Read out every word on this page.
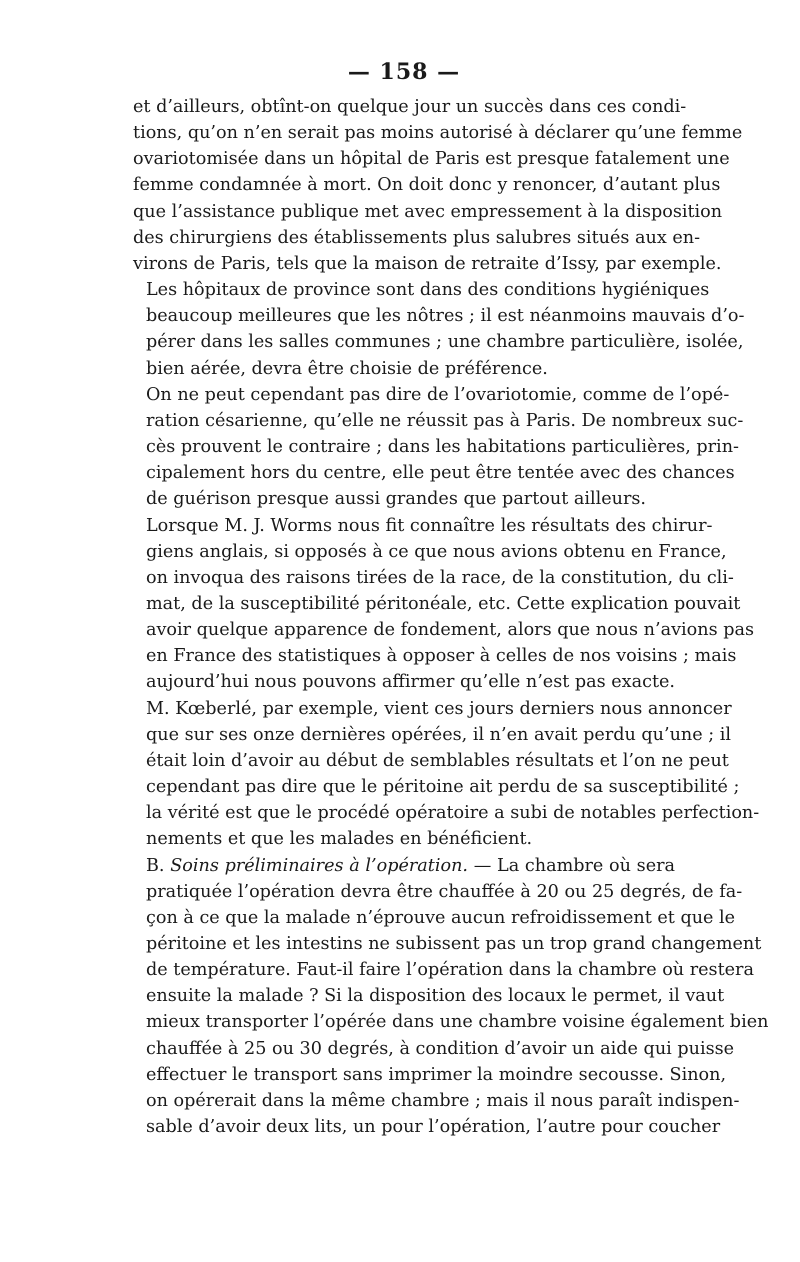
— 158 —

et d’ailleurs, obtînt-on quelque jour un succès dans ces condi-
tions, qu’on n’en serait pas moins autorisé à déclarer qu’une femme
ovariotomisée dans un hôpital de Paris est presque fatalement une
femme condamnée à mort. On doit donc y renoncer, d’autant plus
que l’assistance publique met avec empressement à la disposition
des chirurgiens des établissements plus salubres situés aux en-
virons de Paris, tels que la maison de retraite d’Issy, par exemple.

Les hôpitaux de province sont dans des conditions hygiéniques
beaucoup meilleures que les nôtres ; il est néanmoins mauvais d’o-
pérer dans les salles communes ; une chambre particulière, isolée,
bien aérée, devra être choisie de préférence.

On ne peut cependant pas dire de l’ovariotomie, comme de l’opé-
ration césarienne, qu’elle ne réussit pas à Paris. De nombreux suc-
cès prouvent le contraire ; dans les habitations particulières, prin-
cipalement hors du centre, elle peut être tentée avec des chances
de guérison presque aussi grandes que partout ailleurs.

Lorsque M. J. Worms nous fit connaître les résultats des chirur-
giens anglais, si opposés à ce que nous avions obtenu en France,
on invoqua des raisons tirées de la race, de la constitution, du cli-
mat, de la susceptibilité péritonéale, etc. Cette explication pouvait
avoir quelque apparence de fondement, alors que nous n’avions pas
en France des statistiques à opposer à celles de nos voisins ; mais
aujourd’hui nous pouvons affirmer qu’elle n’est pas exacte.
M. Kœberlé, par exemple, vient ces jours derniers nous annoncer
que sur ses onze dernières opérées, il n’en avait perdu qu’une ; il
était loin d’avoir au début de semblables résultats et l’on ne peut
cependant pas dire que le péritoine ait perdu de sa susceptibilité ;
la vérité est que le procédé opératoire a subi de notables perfection-
nements et que les malades en bénéficient.

B. Soins préliminaires à l’opération. — La chambre où sera
pratiquée l’opération devra être chauffée à 20 ou 25 degrés, de fa-
çon à ce que la malade n’éprouve aucun refroidissement et que le
péritoine et les intestins ne subissent pas un trop grand changement
de température. Faut-il faire l’opération dans la chambre où restera
ensuite la malade ? Si la disposition des locaux le permet, il vaut
mieux transporter l’opérée dans une chambre voisine également bien
chauffée à 25 ou 30 degrés, à condition d’avoir un aide qui puisse
effectuer le transport sans imprimer la moindre secousse. Sinon,
on opérerait dans la même chambre ; mais il nous paraît indispen-
sable d’avoir deux lits, un pour l’opération, l’autre pour coucher
